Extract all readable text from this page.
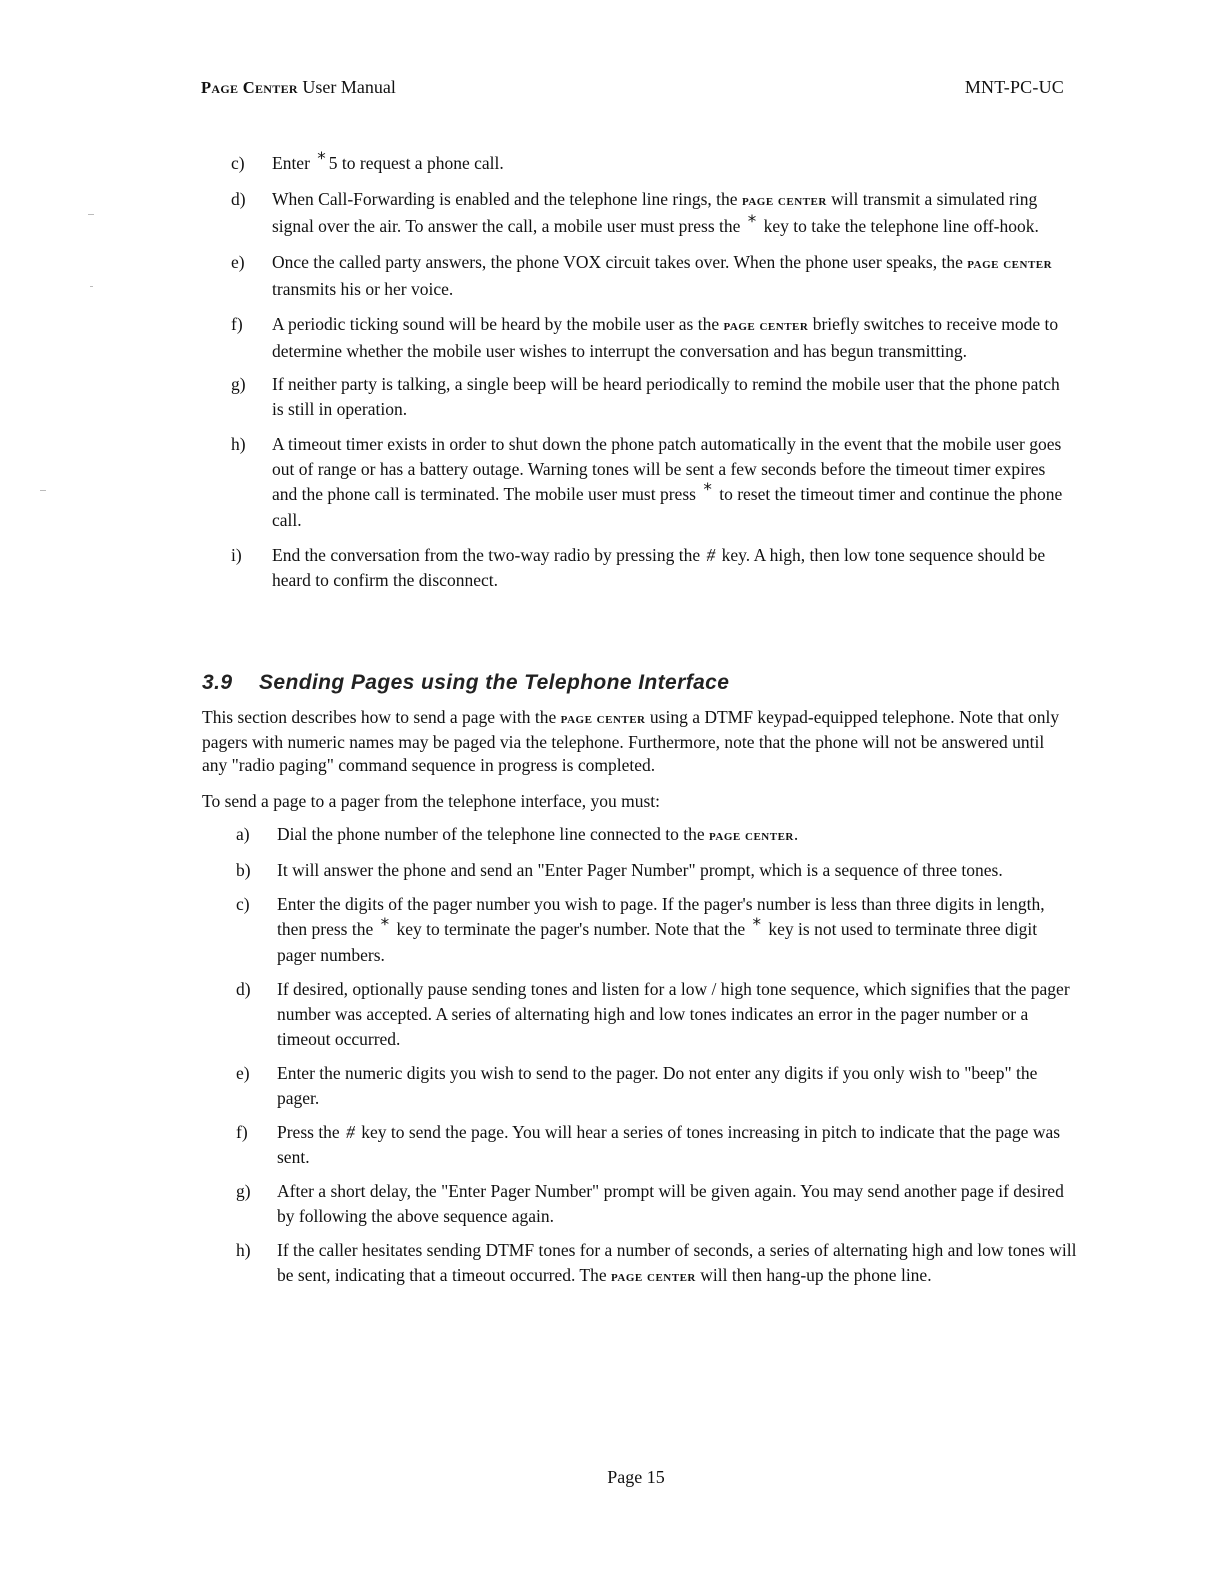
Page Center User Manual	MNT-PC-UC
c) Enter * 5 to request a phone call.

d) When Call-Forwarding is enabled and the telephone line rings, the page center will transmit a simulated ring signal over the air. To answer the call, a mobile user must press the * key to take the telephone line off-hook.

e) Once the called party answers, the phone VOX circuit takes over. When the phone user speaks, the page center transmits his or her voice.

f) A periodic ticking sound will be heard by the mobile user as the page center briefly switches to receive mode to determine whether the mobile user wishes to interrupt the conversation and has begun transmitting.

g) If neither party is talking, a single beep will be heard periodically to remind the mobile user that the phone patch is still in operation.

h) A timeout timer exists in order to shut down the phone patch automatically in the event that the mobile user goes out of range or has a battery outage. Warning tones will be sent a few seconds before the timeout timer expires and the phone call is terminated. The mobile user must press * to reset the timeout timer and continue the phone call.

i) End the conversation from the two-way radio by pressing the # key. A high, then low tone sequence should be heard to confirm the disconnect.

3.9 Sending Pages using the Telephone Interface

This section describes how to send a page with the page center using a DTMF keypad-equipped telephone. Note that only pagers with numeric names may be paged via the telephone. Furthermore, note that the phone will not be answered until any "radio paging" command sequence in progress is completed.

To send a page to a pager from the telephone interface, you must:

a) Dial the phone number of the telephone line connected to the page center.

b) It will answer the phone and send an "Enter Pager Number" prompt, which is a sequence of three tones.

c) Enter the digits of the pager number you wish to page. If the pager's number is less than three digits in length, then press the * key to terminate the pager's number. Note that the * key is not used to terminate three digit pager numbers.

d) If desired, optionally pause sending tones and listen for a low / high tone sequence, which signifies that the pager number was accepted. A series of alternating high and low tones indicates an error in the pager number or a timeout occurred.

e) Enter the numeric digits you wish to send to the pager. Do not enter any digits if you only wish to "beep" the pager.

f) Press the # key to send the page. You will hear a series of tones increasing in pitch to indicate that the page was sent.

g) After a short delay, the "Enter Pager Number" prompt will be given again. You may send another page if desired by following the above sequence again.

h) If the caller hesitates sending DTMF tones for a number of seconds, a series of alternating high and low tones will be sent, indicating that a timeout occurred. The page center will then hang-up the phone line.

Page 15
